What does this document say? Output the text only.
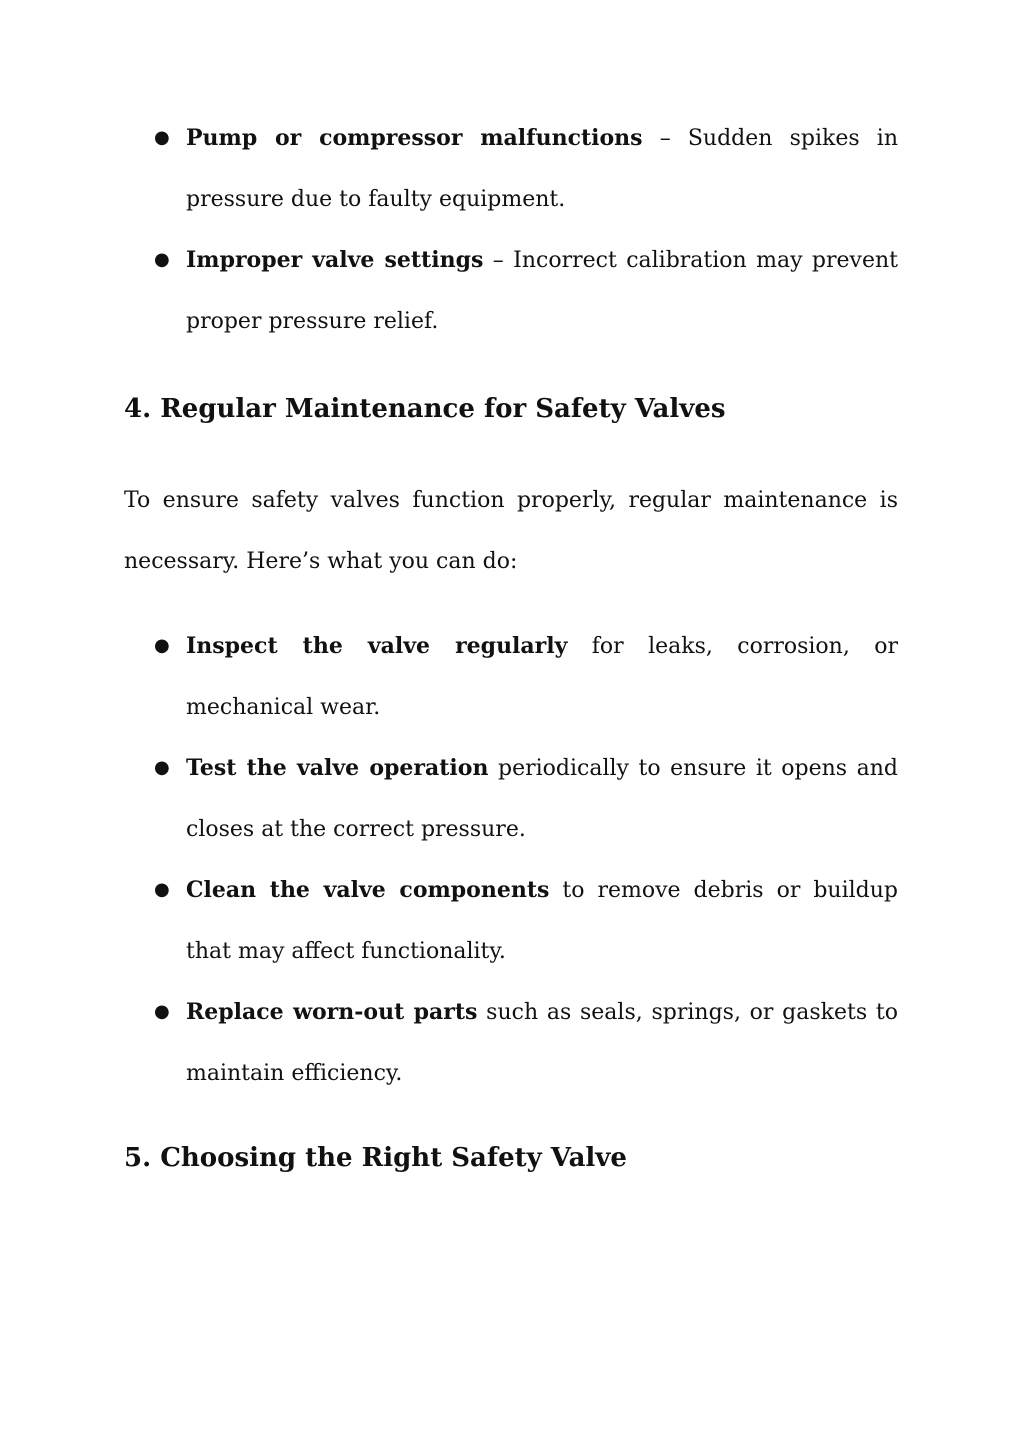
● Pump or compressor malfunctions – Sudden spikes in pressure due to faulty equipment.
● Improper valve settings – Incorrect calibration may prevent proper pressure relief.
4. Regular Maintenance for Safety Valves

To ensure safety valves function properly, regular maintenance is necessary. Here’s what you can do:

● Inspect the valve regularly for leaks, corrosion, or mechanical wear.
● Test the valve operation periodically to ensure it opens and closes at the correct pressure.
● Clean the valve components to remove debris or buildup that may affect functionality.
● Replace worn-out parts such as seals, springs, or gaskets to maintain efficiency.
5. Choosing the Right Safety Valve
